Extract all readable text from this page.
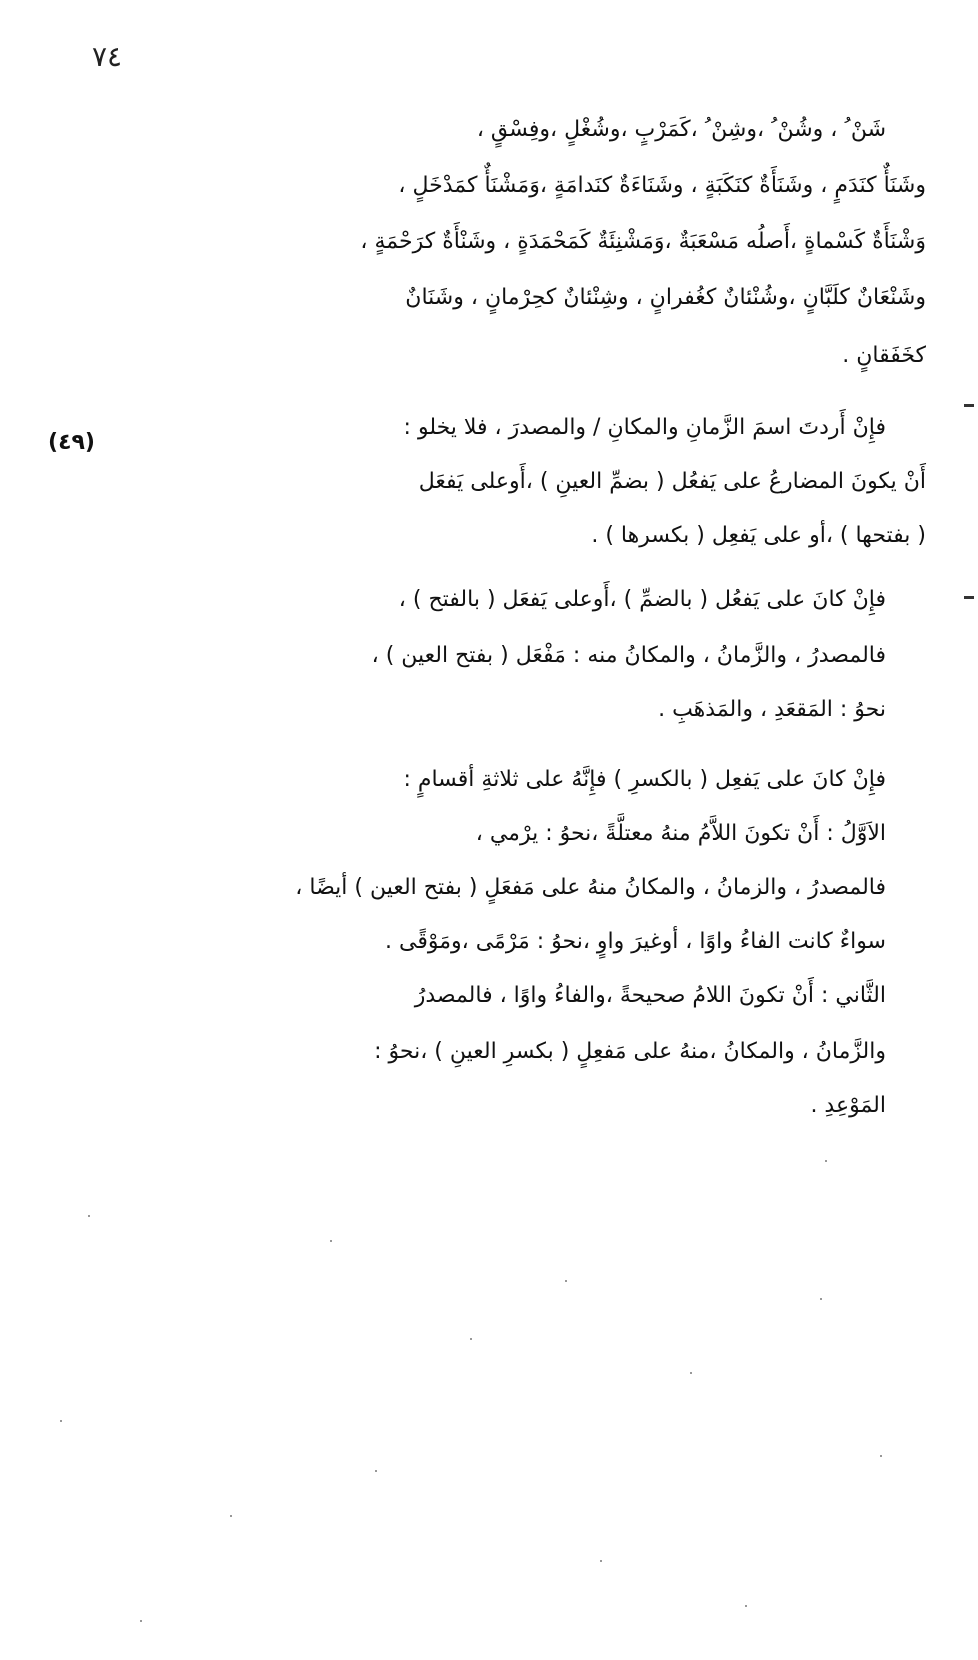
٧٤
شَنْ ُ ، وشُنْ ُ ،وشِنْ ُ ،كَمَرْبٍ ،وشُغْلٍ ،وفِسْقٍ ،
وشَنَأٌ كنَدَمٍ ، وشَنَأَةٌ كنَكَبَةٍ ، وشَنَاءَةٌ كنَدامَةٍ ،وَمَشْنَأٌ كمَدْخَلٍ ،
وَشْنَأَةٌ كَسْماةٍ ،أَصلُه مَسْعَبَةٌ ،وَمَشْنِئَةٌ كَمَحْمَدَةٍ ، وشَنْأَةٌ كرَحْمَةٍ ،
وشَنْعَانٌ كلَبَّانٍ ،وشُنْئانٌ كغُفرانٍ ، وشِنْئانٌ كحِرْمانٍ ، وشَنَانٌ
كخَفَقانٍ .
(٤٩)
فإِنْ أَردتَ اسمَ الزَّمانِ والمكانِ / والمصدرَ ، فلا يخلو :
أَنْ يكونَ المضارعُ على يَفعُل ( بضمِّ العينِ ) ،أَوعلى يَفعَل
( بفتحها ) ،أو على يَفعِل ( بكسرها ) .
فإِنْ كانَ على يَفعُل ( بالضمِّ ) ،أَوعلى يَفعَل ( بالفتح ) ،
فالمصدرُ ، والزَّمانُ ، والمكانُ منه : مَفْعَل ( بفتح العين ) ،
نحوُ : المَقعَدِ ، والمَذهَبِ .
فإِنْ كانَ على يَفعِل ( بالكسرِ ) فإِنَّهُ على ثلاثةِ أقسامٍ :
الاَوَّلُ : أَنْ تكونَ اللاَّمُ منهُ معتلَّةً ،نحوُ : يرْمي ،
فالمصدرُ ، والزمانُ ، والمكانُ منهُ على مَفعَلٍ ( بفتح العين ) أيضًا ،
سواءٌ كانت الفاءُ واوًا ، أوغيرَ واوٍ ،نحوُ : مَرْمًى ،ومَوْقًى .
الثَّاني : أَنْ تكونَ اللامُ صحيحةً ،والفاءُ واوًا ، فالمصدرُ
والزَّمانُ ، والمكانُ ،منهُ على مَفعِلٍ ( بكسرِ العينِ ) ،نحوُ :
المَوْعِدِ .
